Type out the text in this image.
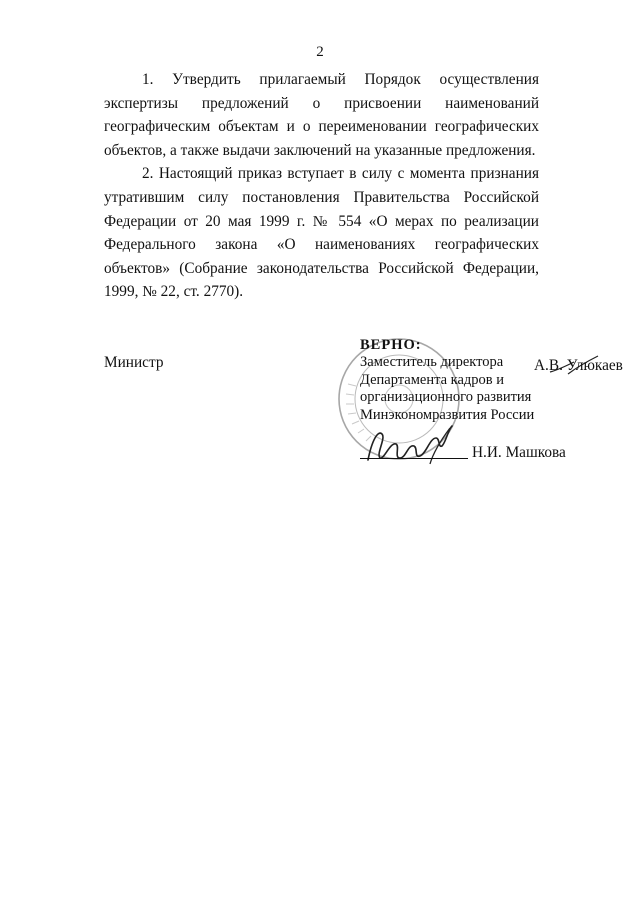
2

1. Утвердить прилагаемый Порядок осуществления экспертизы предложений о присвоении наименований географическим объектам и о переименовании географических объектов, а также выдачи заключений на указанные предложения.

2. Настоящий приказ вступает в силу с момента признания утратившим силу постановления Правительства Российской Федерации от 20 мая 1999 г. № 554 «О мерах по реализации Федерального закона «О наименованиях географических объектов» (Собрание законодательства Российской Федерации, 1999, № 22, ст. 2770).

Министр
ВЕРНО:
Заместитель директора
Департамента кадров и
организационного развития
Минэкономразвития России
А.В. Улюкаев
Н.И. Машкова
